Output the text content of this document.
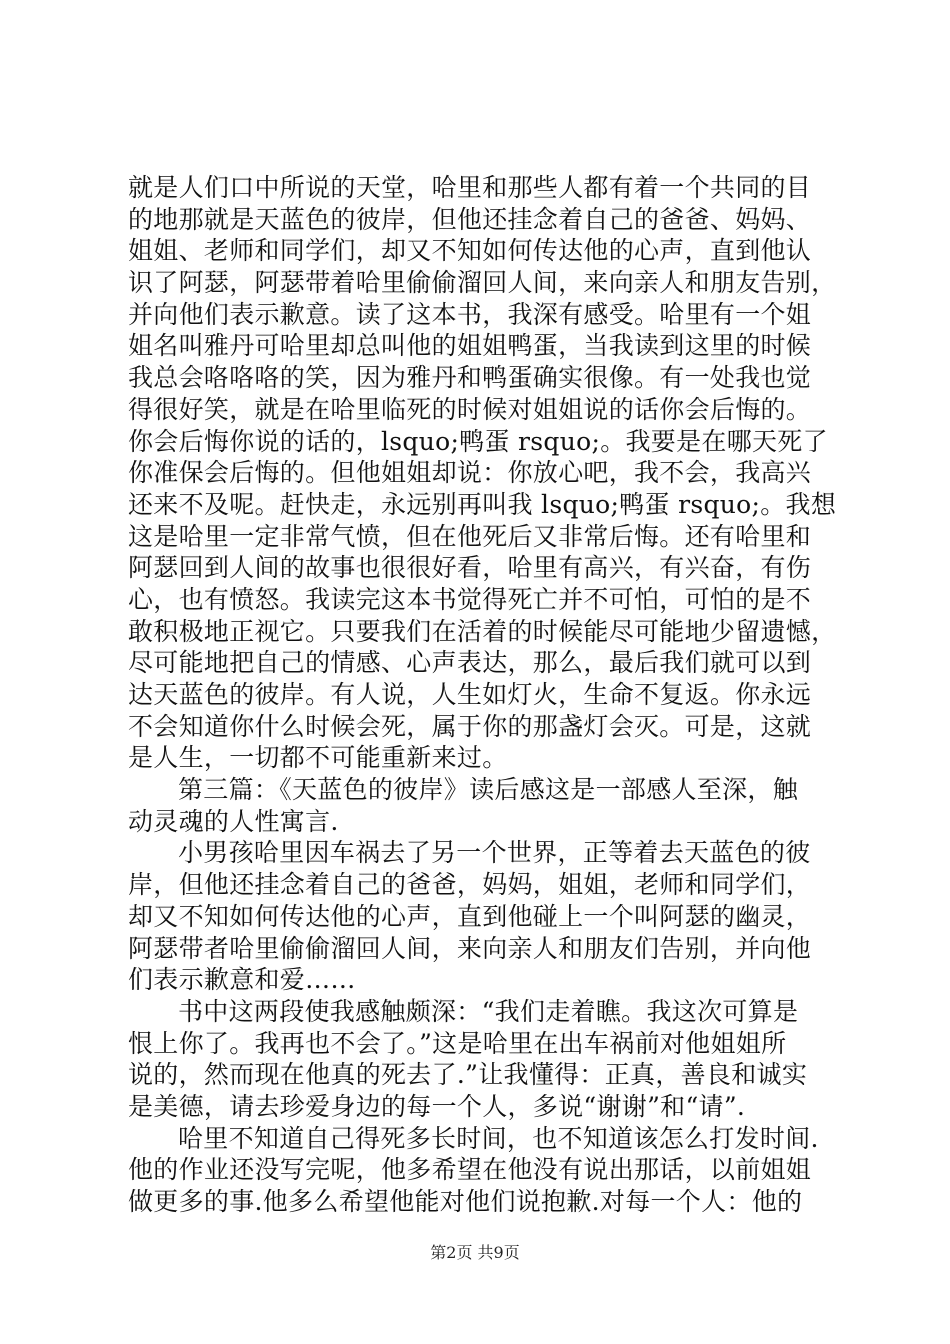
就是人们口中所说的天堂，哈里和那些人都有着一个共同的目
的地那就是天蓝色的彼岸，但他还挂念着自己的爸爸、妈妈、
姐姐、老师和同学们，却又不知如何传达他的心声，直到他认
识了阿瑟，阿瑟带着哈里偷偷溜回人间，来向亲人和朋友告别，
并向他们表示歉意。读了这本书，我深有感受。哈里有一个姐
姐名叫雅丹可哈里却总叫他的姐姐鸭蛋，当我读到这里的时候
我总会咯咯咯的笑，因为雅丹和鸭蛋确实很像。有一处我也觉
得很好笑，就是在哈里临死的时候对姐姐说的话你会后悔的。
你会后悔你说的话的，lsquo;鸭蛋 rsquo;。我要是在哪天死了
你准保会后悔的。但他姐姐却说：你放心吧，我不会，我高兴
还来不及呢。赶快走，永远别再叫我 lsquo;鸭蛋 rsquo;。我想
这是哈里一定非常气愤，但在他死后又非常后悔。还有哈里和
阿瑟回到人间的故事也很很好看，哈里有高兴，有兴奋，有伤
心，也有愤怒。我读完这本书觉得死亡并不可怕，可怕的是不
敢积极地正视它。只要我们在活着的时候能尽可能地少留遗憾，
尽可能地把自己的情感、心声表达，那么，最后我们就可以到
达天蓝色的彼岸。有人说，人生如灯火，生命不复返。你永远
不会知道你什么时候会死，属于你的那盏灯会灭。可是，这就
是人生，一切都不可能重新来过。
第三篇：《天蓝色的彼岸》读后感这是一部感人至深，触
动灵魂的人性寓言.
小男孩哈里因车祸去了另一个世界，正等着去天蓝色的彼
岸，但他还挂念着自己的爸爸，妈妈，姐姐，老师和同学们，
却又不知如何传达他的心声，直到他碰上一个叫阿瑟的幽灵，
阿瑟带者哈里偷偷溜回人间，来向亲人和朋友们告别，并向他
们表示歉意和爱……
书中这两段使我感触颇深：“我们走着瞧。我这次可算是
恨上你了。我再也不会了。”这是哈里在出车祸前对他姐姐所
说的，然而现在他真的死去了.”让我懂得：正真，善良和诚实
是美德，请去珍爱身边的每一个人，多说“谢谢”和“请”.
哈里不知道自己得死多长时间，也不知道该怎么打发时间.
他的作业还没写完呢，他多希望在他没有说出那话，以前姐姐
做更多的事.他多么希望他能对他们说抱歉.对每一个人：他的
第2页 共9页
